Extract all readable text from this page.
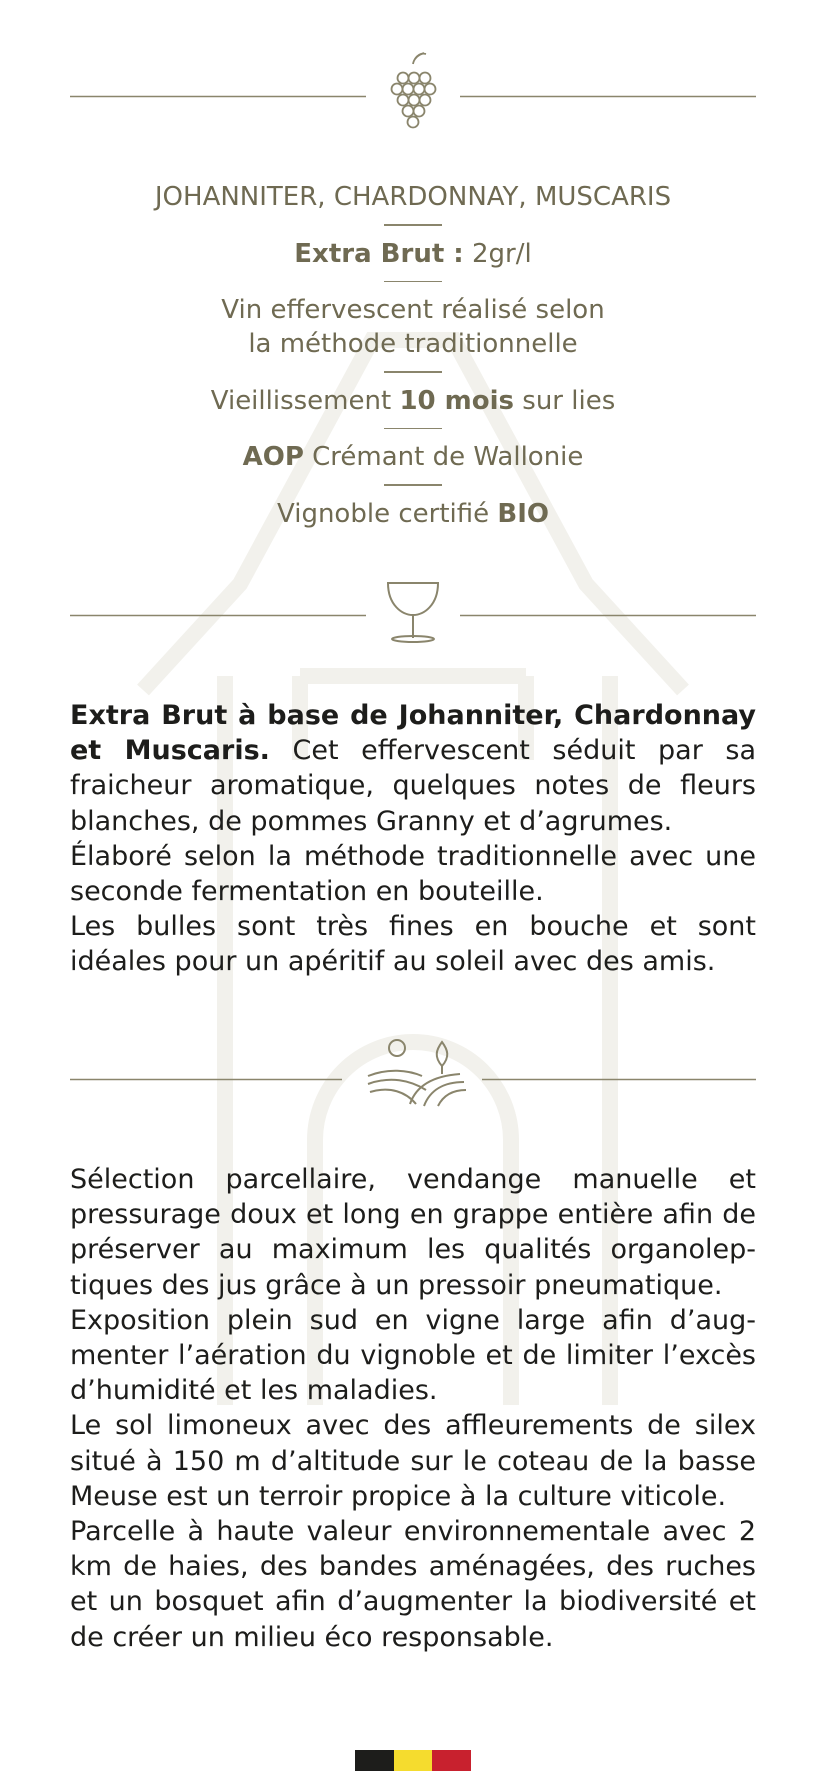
JOHANNITER, CHARDONNAY, MUSCARIS
Extra Brut : 2gr/l
Vin effervescent réalisé selon
la méthode traditionnelle
Vieillissement 10 mois sur lies
AOP Crémant de Wallonie
Vignoble certifié BIO

Extra Brut à base de Johanniter, Chardonnay et Muscaris. Cet effervescent séduit par sa fraicheur aromatique, quelques notes de fleurs blanches, de pommes Granny et d’agrumes.

Élaboré selon la méthode traditionnelle avec une seconde fermentation en bouteille.

Les bulles sont très fines en bouche et sont idéales pour un apéritif au soleil avec des amis.

Sélection parcellaire, vendange manuelle et pressurage doux et long en grappe entière afin de préserver au maximum les qualités organolep-tiques des jus grâce à un pressoir pneumatique.

Exposition plein sud en vigne large afin d’aug-menter l’aération du vignoble et de limiter l’excès d’humidité et les maladies.

Le sol limoneux avec des affleurements de silex situé à 150 m d’altitude sur le coteau de la basse Meuse est un terroir propice à la culture viticole.

Parcelle à haute valeur environnementale avec 2 km de haies, des bandes aménagées, des ruches et un bosquet afin d’augmenter la biodiversité et de créer un milieu éco responsable.
